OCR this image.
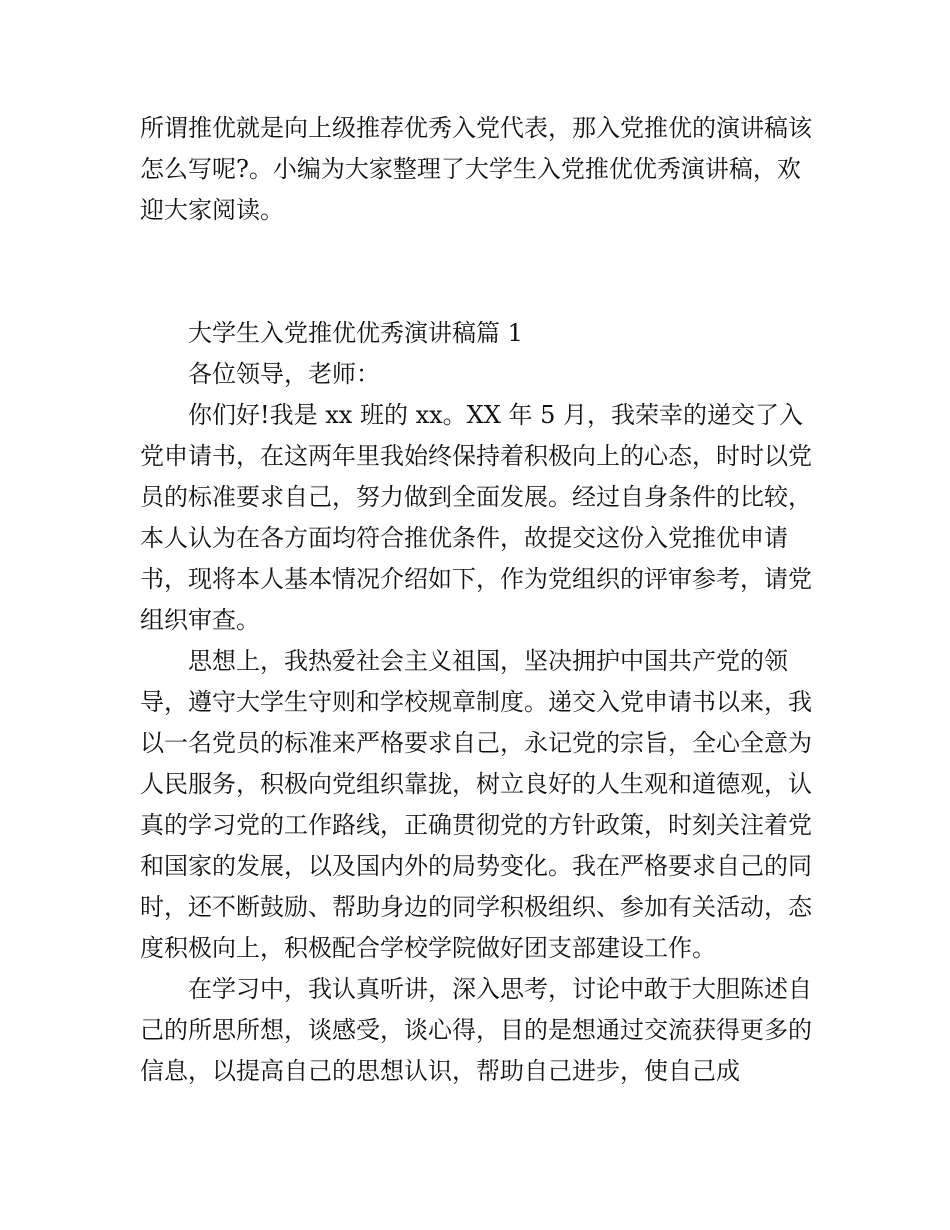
所谓推优就是向上级推荐优秀入党代表，那入党推优的演讲稿该怎么写呢?。小编为大家整理了大学生入党推优优秀演讲稿，欢迎大家阅读。

大学生入党推优优秀演讲稿篇 1

各位领导，老师：

你们好!我是 xx 班的 xx。XX 年 5 月，我荣幸的递交了入党申请书，在这两年里我始终保持着积极向上的心态，时时以党员的标准要求自己，努力做到全面发展。经过自身条件的比较，本人认为在各方面均符合推优条件，故提交这份入党推优申请书，现将本人基本情况介绍如下，作为党组织的评审参考，请党组织审查。

思想上，我热爱社会主义祖国，坚决拥护中国共产党的领导，遵守大学生守则和学校规章制度。递交入党申请书以来，我以一名党员的标准来严格要求自己，永记党的宗旨，全心全意为人民服务，积极向党组织靠拢，树立良好的人生观和道德观，认真的学习党的工作路线，正确贯彻党的方针政策，时刻关注着党和国家的发展，以及国内外的局势变化。我在严格要求自己的同时，还不断鼓励、帮助身边的同学积极组织、参加有关活动，态度积极向上，积极配合学校学院做好团支部建设工作。

在学习中，我认真听讲，深入思考，讨论中敢于大胆陈述自己的所思所想，谈感受，谈心得，目的是想通过交流获得更多的信息，以提高自己的思想认识，帮助自己进步，使自己成
